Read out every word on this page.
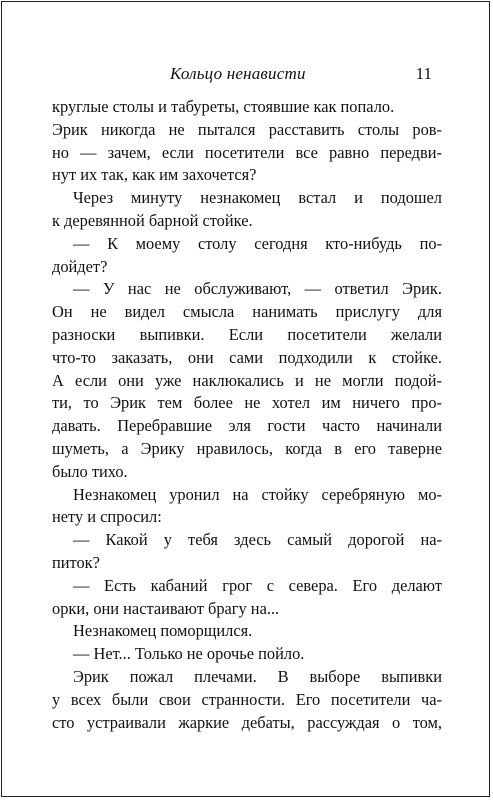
Кольцо ненависти	11

круглые столы и табуреты, стоявшие как попало.

Эрик никогда не пытался расставить столы ров-

но — зачем, если посетители все равно передви-

нут их так, как им захочется?

Через минуту незнакомец встал и подошел

к деревянной барной стойке.

— К моему столу сегодня кто-нибудь по-

дойдет?

— У нас не обслуживают, — ответил Эрик.

Он не видел смысла нанимать прислугу для

разноски выпивки. Если посетители желали

что-то заказать, они сами подходили к стойке.

А если они уже наклюкались и не могли подой-

ти, то Эрик тем более не хотел им ничего про-

давать. Перебравшие эля гости часто начинали

шуметь, а Эрику нравилось, когда в его таверне

было тихо.

Незнакомец уронил на стойку серебряную мо-

нету и спросил:

— Какой у тебя здесь самый дорогой на-

питок?

— Есть кабаний грог с севера. Его делают

орки, они настаивают брагу на...

Незнакомец поморщился.

— Нет... Только не орочье пойло.

Эрик пожал плечами. В выборе выпивки

у всех были свои странности. Его посетители ча-

сто устраивали жаркие дебаты, рассуждая о том,
